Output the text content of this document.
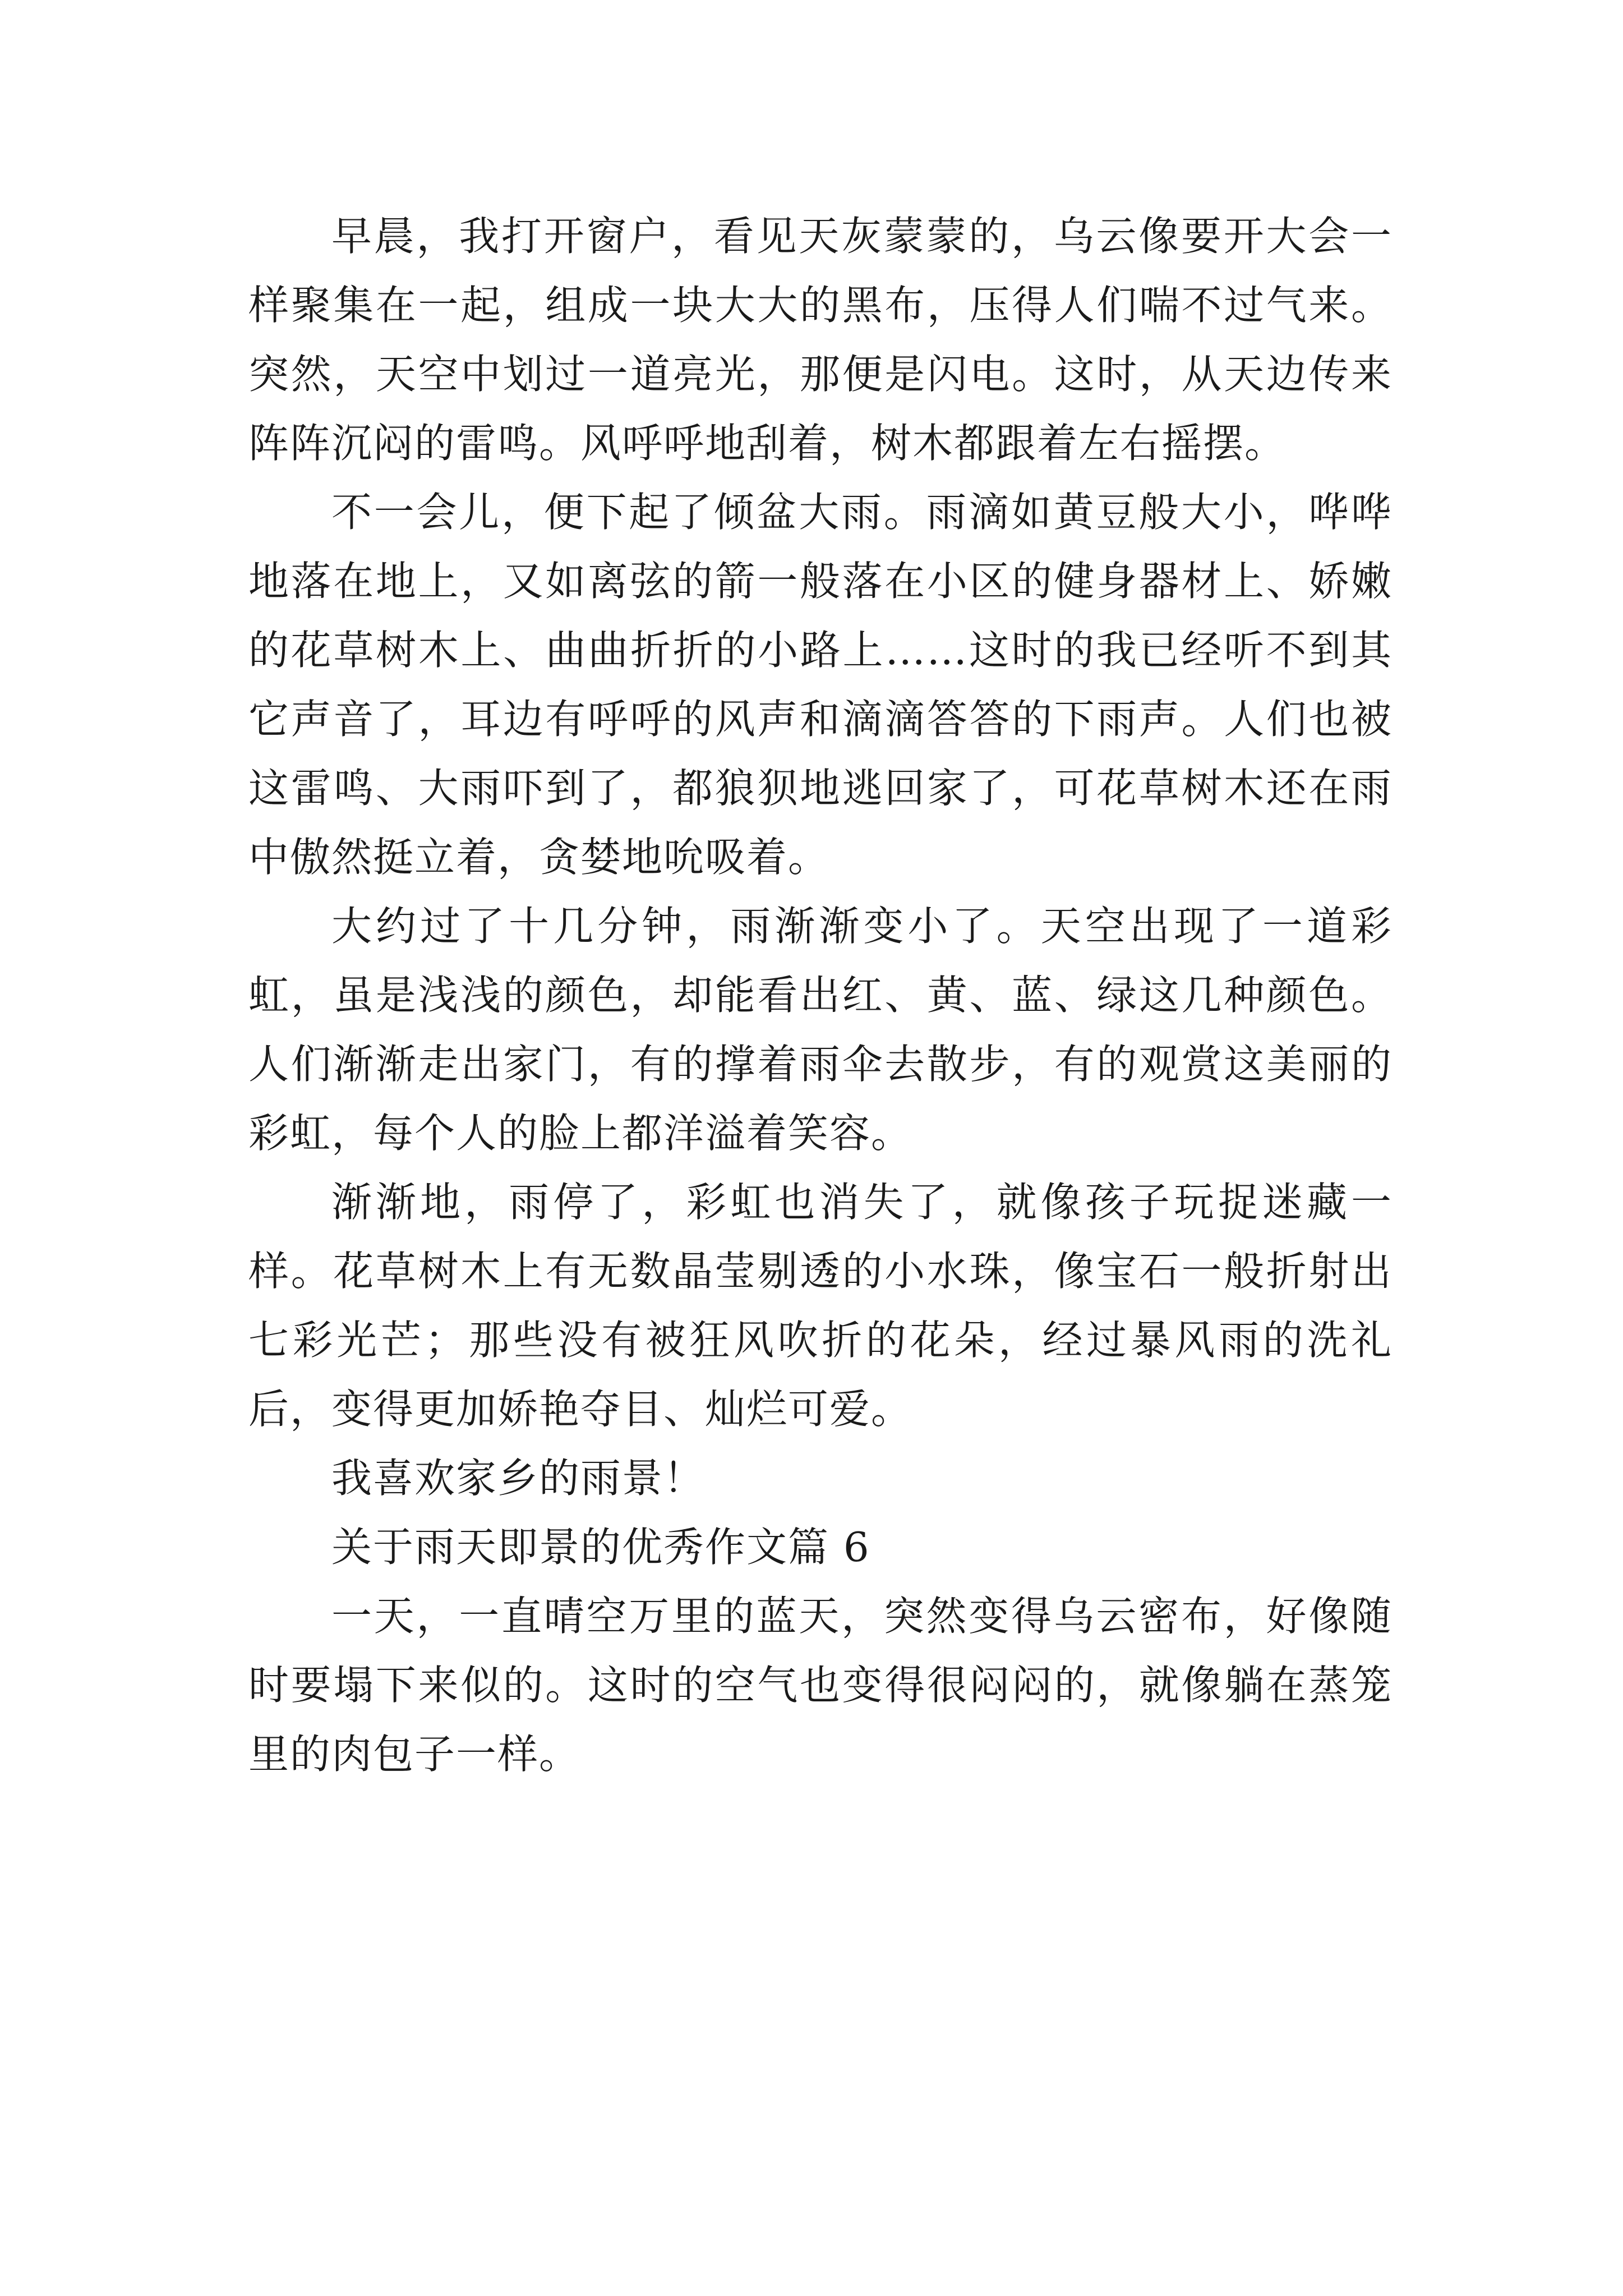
早晨，我打开窗户，看见天灰蒙蒙的，乌云像要开大会一样聚集在一起，组成一块大大的黑布，压得人们喘不过气来。突然，天空中划过一道亮光，那便是闪电。这时，从天边传来阵阵沉闷的雷鸣。风呼呼地刮着，树木都跟着左右摇摆。

不一会儿，便下起了倾盆大雨。雨滴如黄豆般大小，哗哗地落在地上，又如离弦的箭一般落在小区的健身器材上、娇嫩的花草树木上、曲曲折折的小路上……这时的我已经听不到其它声音了，耳边有呼呼的风声和滴滴答答的下雨声。人们也被这雷鸣、大雨吓到了，都狼狈地逃回家了，可花草树木还在雨中傲然挺立着，贪婪地吮吸着。

大约过了十几分钟，雨渐渐变小了。天空出现了一道彩虹，虽是浅浅的颜色，却能看出红、黄、蓝、绿这几种颜色。人们渐渐走出家门，有的撑着雨伞去散步，有的观赏这美丽的彩虹，每个人的脸上都洋溢着笑容。

渐渐地，雨停了，彩虹也消失了，就像孩子玩捉迷藏一样。花草树木上有无数晶莹剔透的小水珠，像宝石一般折射出七彩光芒；那些没有被狂风吹折的花朵，经过暴风雨的洗礼后，变得更加娇艳夺目、灿烂可爱。

我喜欢家乡的雨景！

关于雨天即景的优秀作文篇 6

一天，一直晴空万里的蓝天，突然变得乌云密布，好像随时要塌下来似的。这时的空气也变得很闷闷的，就像躺在蒸笼里的肉包子一样。
